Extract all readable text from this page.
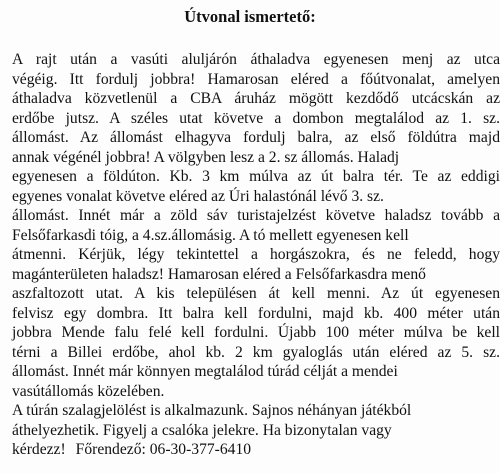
Útvonal ismertető:
A rajt után a vasúti aluljárón áthaladva egyenesen menj az utca
végéig. Itt fordulj jobbra! Hamarosan eléred a főútvonalat, amelyen
áthaladva közvetlenül a CBA áruház mögött kezdődő utcácskán az
erdőbe jutsz. A széles utat követve a dombon megtalálod az 1. sz.
állomást. Az állomást elhagyva fordulj balra, az első földútra majd
annak végénél jobbra! A völgyben lesz a 2. sz állomás. Haladj
egyenesen a földúton. Kb. 3 km múlva az út balra tér. Te az eddigi
egyenes vonalat követve eléred az Úri halastónál lévő 3. sz.
állomást. Innét már a zöld sáv turistajelzést követve haladsz tovább a
Felsőfarkasdi tóig, a 4.sz.állomásig. A tó mellett egyenesen kell
átmenni. Kérjük, légy tekintettel a horgászokra, és ne feledd, hogy
magánterületen haladsz! Hamarosan eléred a Felsőfarkasdra menő
aszfaltozott utat. A kis településen át kell menni. Az út egyenesen
felvisz egy dombra. Itt balra kell fordulni, majd kb. 400 méter után
jobbra Mende falu felé kell fordulni. Újabb 100 méter múlva be kell
térni a Billei erdőbe, ahol kb. 2 km gyaloglás után eléred az 5. sz.
állomást. Innét már könnyen megtalálod túrád célját a mendei
vasútállomás közelében.
A túrán szalagjelölést is alkalmazunk. Sajnos néhányan játékból
áthelyezhetik. Figyelj a csalóka jelekre. Ha bizonytalan vagy
kérdezz! Főrendező: 06-30-377-6410
